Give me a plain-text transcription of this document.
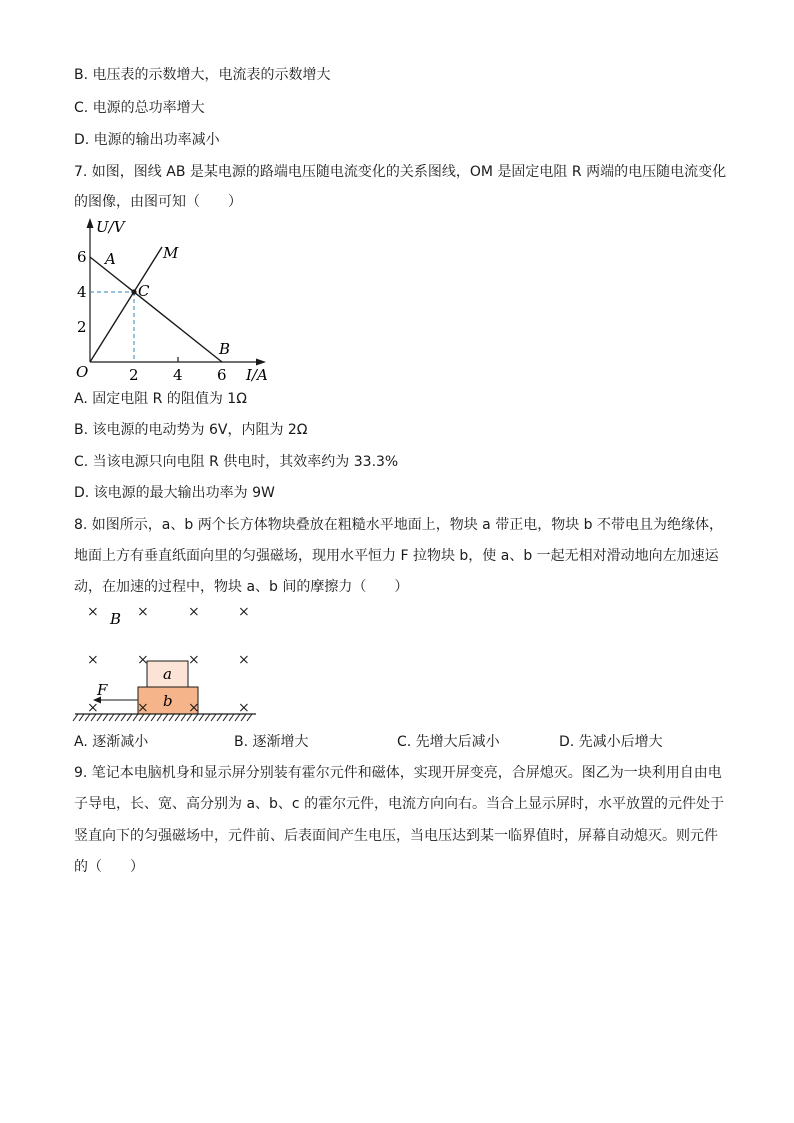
B. 电压表的示数增大，电流表的示数增大
C. 电源的总功率增大
D. 电源的输出功率减小
7. 如图，图线 AB 是某电源的路端电压随电流变化的关系图线，OM 是固定电阻 R 两端的电压随电流变化
的图像，由图可知（　　）
U/V
I/A
O
6
4
2
2 4 6
A
B
C
M
A. 固定电阻 R 的阻值为 1Ω
B. 该电源的电动势为 6V，内阻为 2Ω
C. 当该电源只向电阻 R 供电时，其效率约为 33.3%
D. 该电源的最大输出功率为 9W
8. 如图所示，a、b 两个长方体物块叠放在粗糙水平地面上，物块 a 带正电，物块 b 不带电且为绝缘体，
地面上方有垂直纸面向里的匀强磁场，现用水平恒力 F 拉物块 b，使 a、b 一起无相对滑动地向左加速运
动，在加速的过程中，物块 a、b 间的摩擦力（　　）
×	×	×	×
×	×	×	×
×	×	×	×
B
a
b
F
A. 逐渐减小	B. 逐渐增大	C. 先增大后减小	D. 先减小后增大
9. 笔记本电脑机身和显示屏分别装有霍尔元件和磁体，实现开屏变亮，合屏熄灭。图乙为一块利用自由电
子导电，长、宽、高分别为 a、b、c 的霍尔元件，电流方向向右。当合上显示屏时，水平放置的元件处于
竖直向下的匀强磁场中，元件前、后表面间产生电压，当电压达到某一临界值时，屏幕自动熄灭。则元件
的（　　）
